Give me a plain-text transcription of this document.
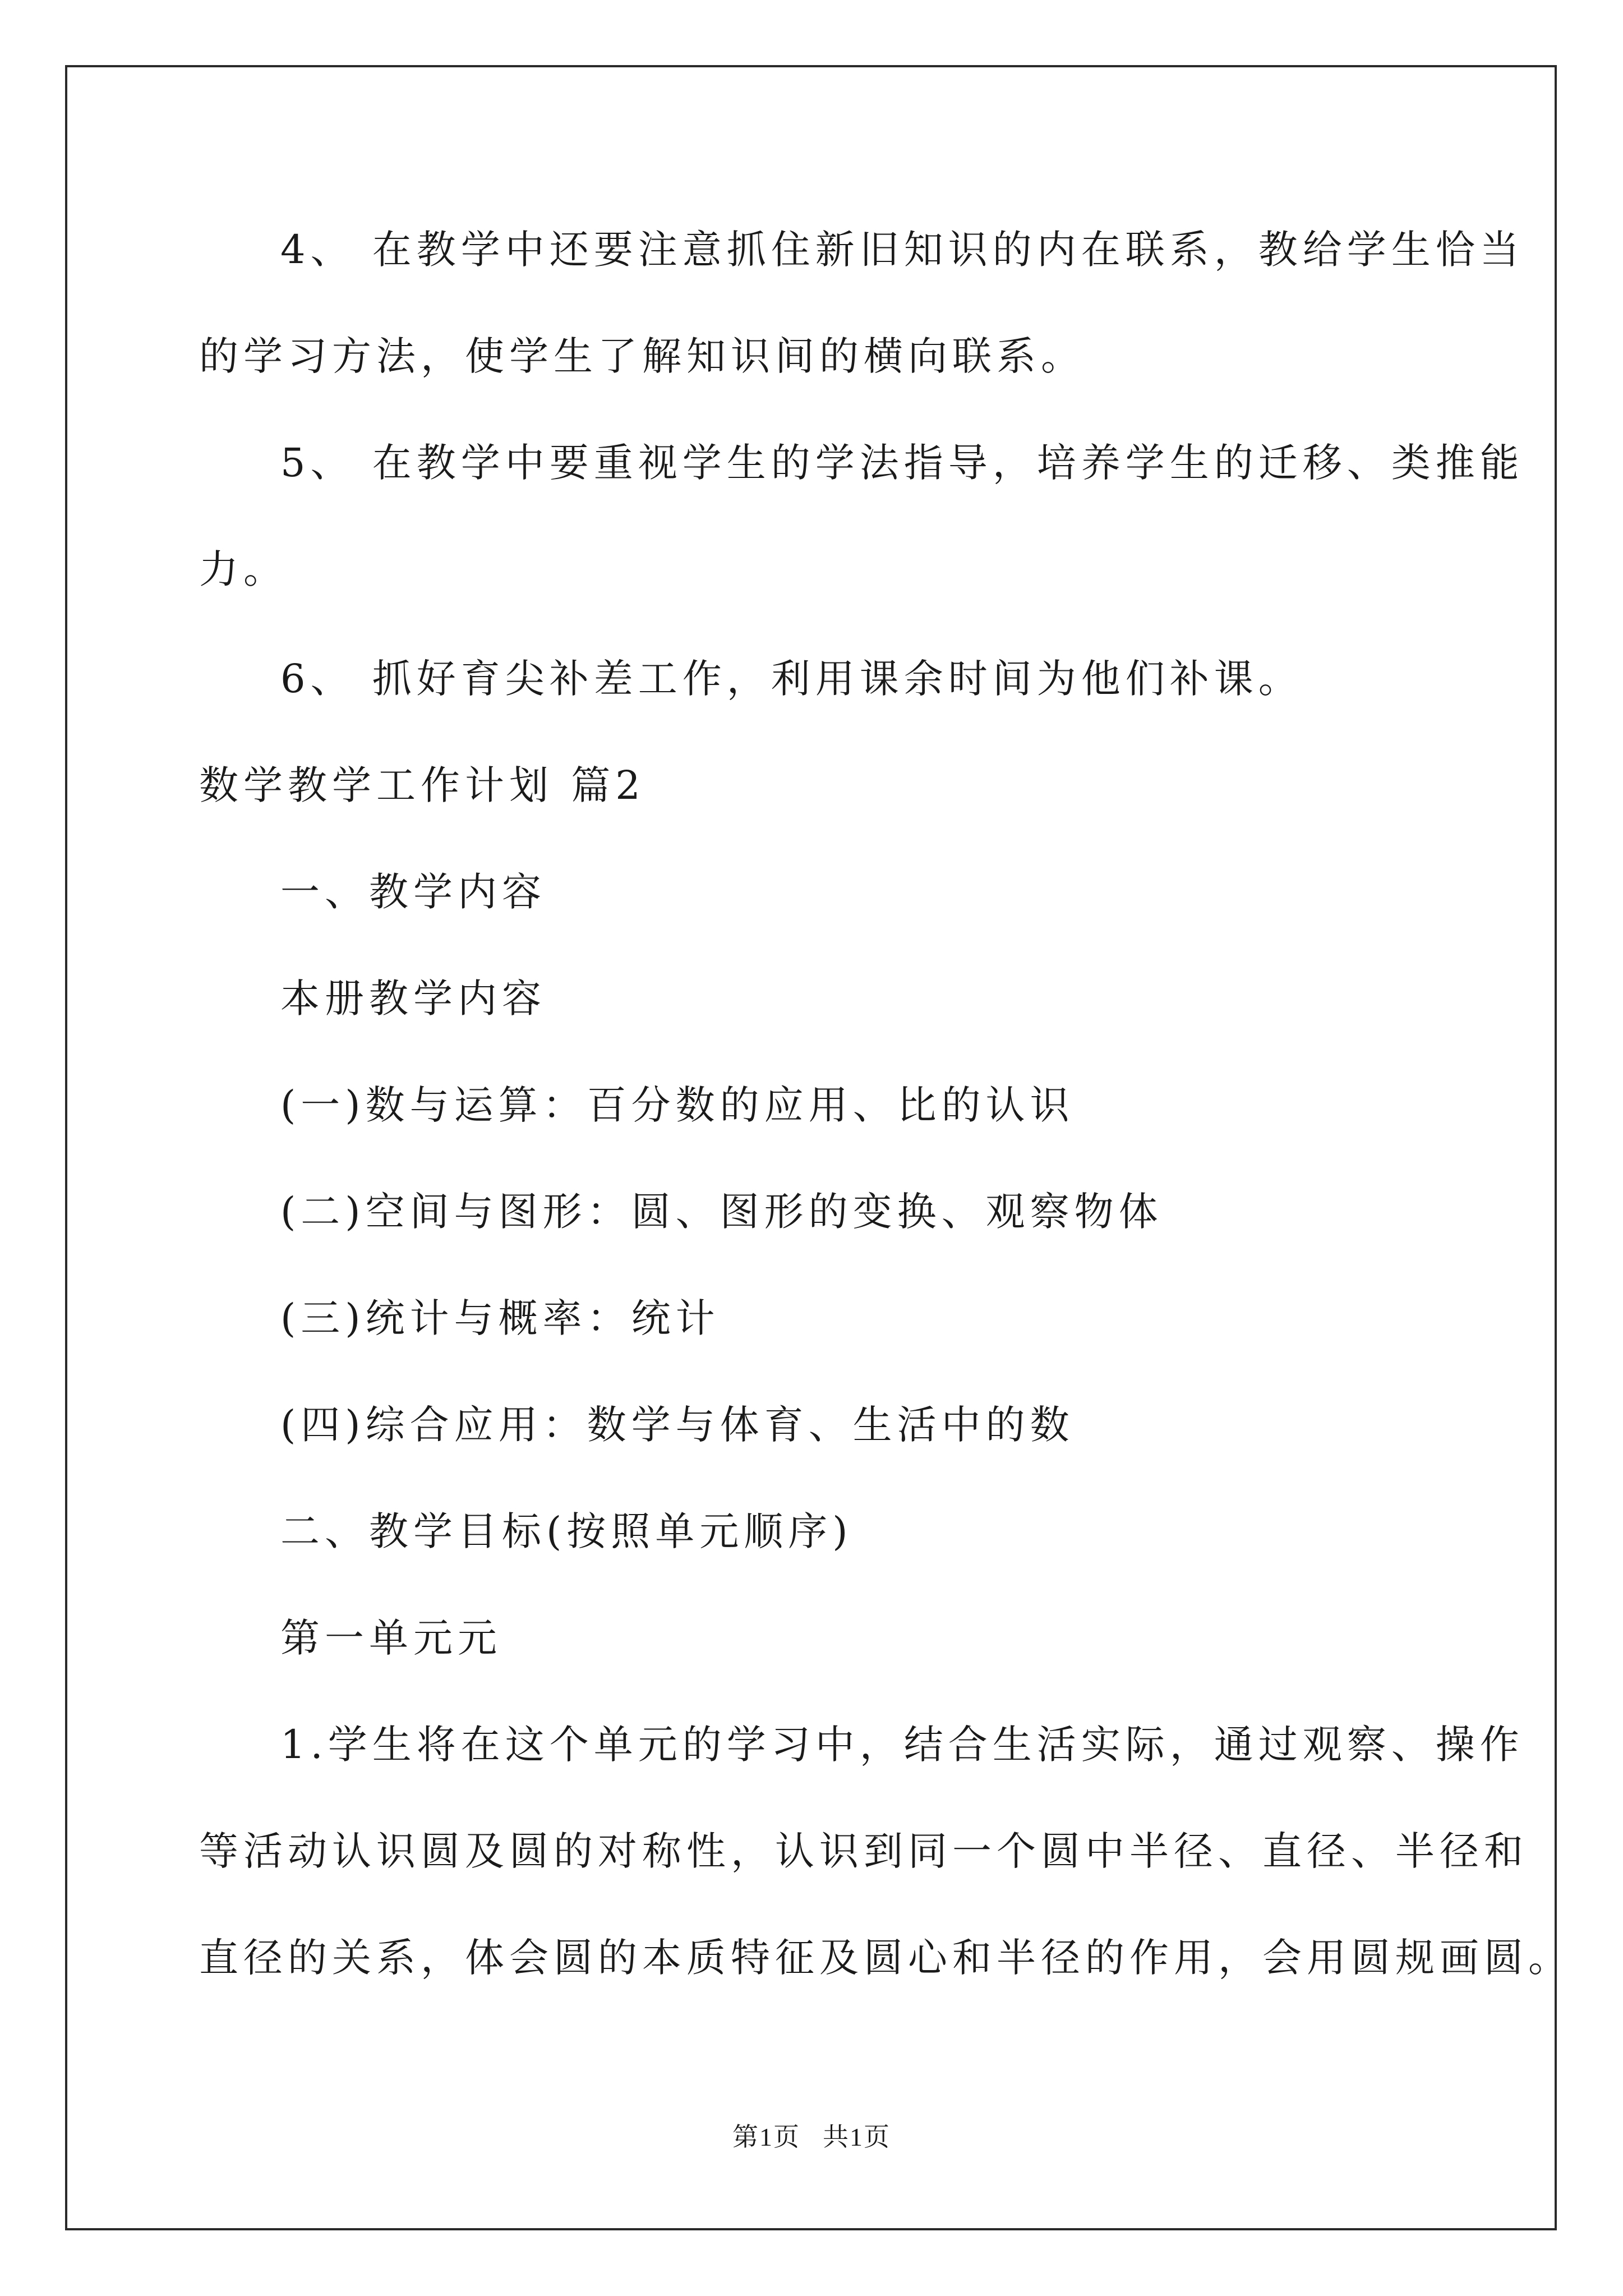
4、 在教学中还要注意抓住新旧知识的内在联系，教给学生恰当
的学习方法，使学生了解知识间的横向联系。
5、 在教学中要重视学生的学法指导，培养学生的迁移、类推能
力。
6、 抓好育尖补差工作，利用课余时间为他们补课。
数学教学工作计划 篇2
一、教学内容
本册教学内容
(一)数与运算：百分数的应用、比的认识
(二)空间与图形：圆、图形的变换、观察物体
(三)统计与概率：统计
(四)综合应用：数学与体育、生活中的数
二、教学目标(按照单元顺序)
第一单元元
1.学生将在这个单元的学习中，结合生活实际，通过观察、操作
等活动认识圆及圆的对称性，认识到同一个圆中半径、直径、半径和
直径的关系，体会圆的本质特征及圆心和半径的作用，会用圆规画圆。
第1页 共1页
